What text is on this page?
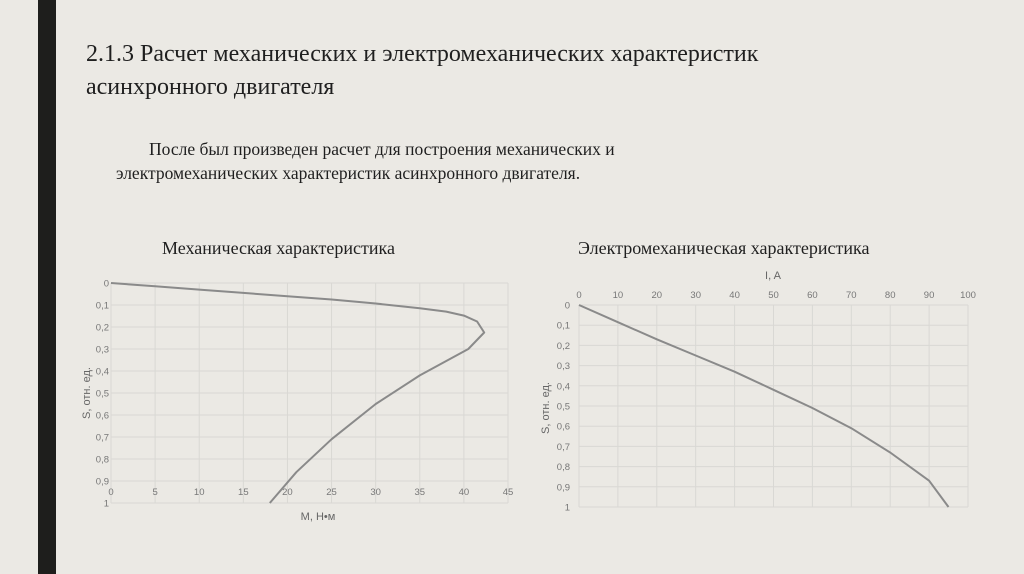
2.1.3 Расчет механических и электромеханических характеристик
асинхронного двигателя
После был произведен расчет для построения механических и
электромеханических характеристик асинхронного двигателя.
Механическая характеристика	Электромеханическая характеристика
0	5	10	15	20	25	30	35	40	45
0
0,1
0,2
0,3
0,4
0,5
0,6
0,7
0,8
0,9
1
М, Н•м
S, отн. ед.
0	10	20	30	40	50	60	70	80	90	100
0
0,1
0,2
0,3
0,4
0,5
0,6
0,7
0,8
0,9
1
I, A
S, отн. ед.
